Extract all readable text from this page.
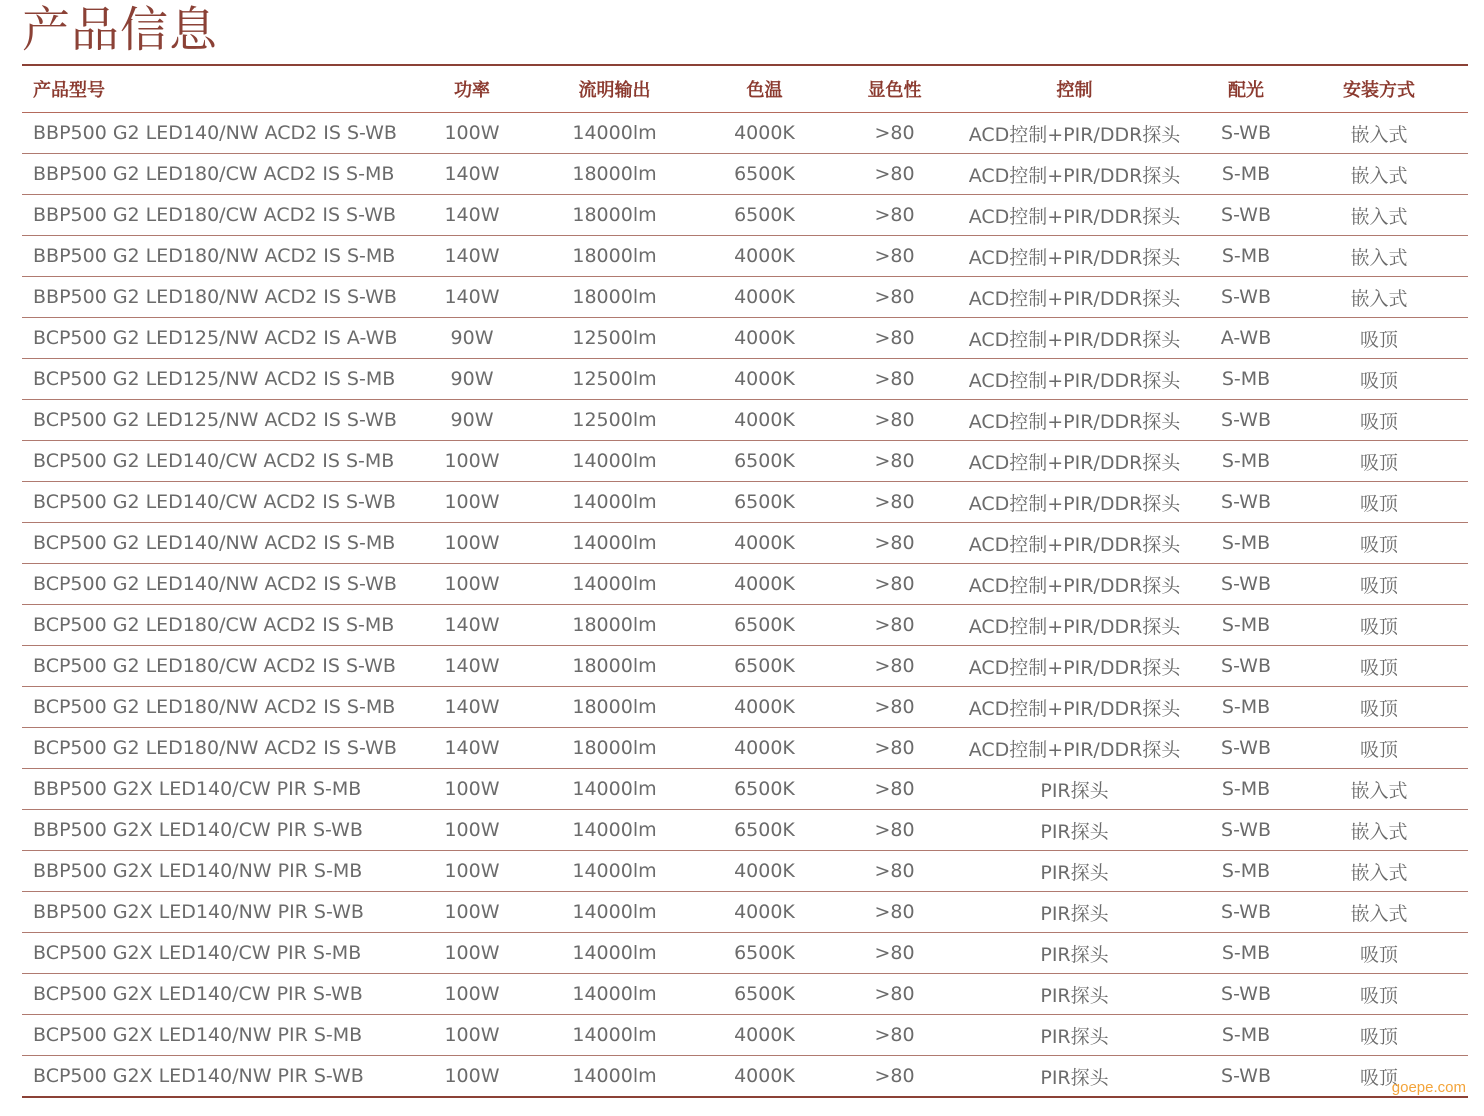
产品信息
产品型号	功率	流明输出	色温	显色性	控制	配光	安装方式
BBP500 G2 LED140/NW ACD2 IS S-WB	100W	14000lm	4000K	>80	ACD控制+PIR/DDR探头	S-WB	嵌入式
BBP500 G2 LED180/CW ACD2 IS S-MB	140W	18000lm	6500K	>80	ACD控制+PIR/DDR探头	S-MB	嵌入式
BBP500 G2 LED180/CW ACD2 IS S-WB	140W	18000lm	6500K	>80	ACD控制+PIR/DDR探头	S-WB	嵌入式
BBP500 G2 LED180/NW ACD2 IS S-MB	140W	18000lm	4000K	>80	ACD控制+PIR/DDR探头	S-MB	嵌入式
BBP500 G2 LED180/NW ACD2 IS S-WB	140W	18000lm	4000K	>80	ACD控制+PIR/DDR探头	S-WB	嵌入式
BCP500 G2 LED125/NW ACD2 IS A-WB	90W	12500lm	4000K	>80	ACD控制+PIR/DDR探头	A-WB	吸顶
BCP500 G2 LED125/NW ACD2 IS S-MB	90W	12500lm	4000K	>80	ACD控制+PIR/DDR探头	S-MB	吸顶
BCP500 G2 LED125/NW ACD2 IS S-WB	90W	12500lm	4000K	>80	ACD控制+PIR/DDR探头	S-WB	吸顶
BCP500 G2 LED140/CW ACD2 IS S-MB	100W	14000lm	6500K	>80	ACD控制+PIR/DDR探头	S-MB	吸顶
BCP500 G2 LED140/CW ACD2 IS S-WB	100W	14000lm	6500K	>80	ACD控制+PIR/DDR探头	S-WB	吸顶
BCP500 G2 LED140/NW ACD2 IS S-MB	100W	14000lm	4000K	>80	ACD控制+PIR/DDR探头	S-MB	吸顶
BCP500 G2 LED140/NW ACD2 IS S-WB	100W	14000lm	4000K	>80	ACD控制+PIR/DDR探头	S-WB	吸顶
BCP500 G2 LED180/CW ACD2 IS S-MB	140W	18000lm	6500K	>80	ACD控制+PIR/DDR探头	S-MB	吸顶
BCP500 G2 LED180/CW ACD2 IS S-WB	140W	18000lm	6500K	>80	ACD控制+PIR/DDR探头	S-WB	吸顶
BCP500 G2 LED180/NW ACD2 IS S-MB	140W	18000lm	4000K	>80	ACD控制+PIR/DDR探头	S-MB	吸顶
BCP500 G2 LED180/NW ACD2 IS S-WB	140W	18000lm	4000K	>80	ACD控制+PIR/DDR探头	S-WB	吸顶
BBP500 G2X LED140/CW PIR S-MB	100W	14000lm	6500K	>80	PIR探头	S-MB	嵌入式
BBP500 G2X LED140/CW PIR S-WB	100W	14000lm	6500K	>80	PIR探头	S-WB	嵌入式
BBP500 G2X LED140/NW PIR S-MB	100W	14000lm	4000K	>80	PIR探头	S-MB	嵌入式
BBP500 G2X LED140/NW PIR S-WB	100W	14000lm	4000K	>80	PIR探头	S-WB	嵌入式
BCP500 G2X LED140/CW PIR S-MB	100W	14000lm	6500K	>80	PIR探头	S-MB	吸顶
BCP500 G2X LED140/CW PIR S-WB	100W	14000lm	6500K	>80	PIR探头	S-WB	吸顶
BCP500 G2X LED140/NW PIR S-MB	100W	14000lm	4000K	>80	PIR探头	S-MB	吸顶
BCP500 G2X LED140/NW PIR S-WB	100W	14000lm	4000K	>80	PIR探头	S-WB	吸顶
goepe.com
